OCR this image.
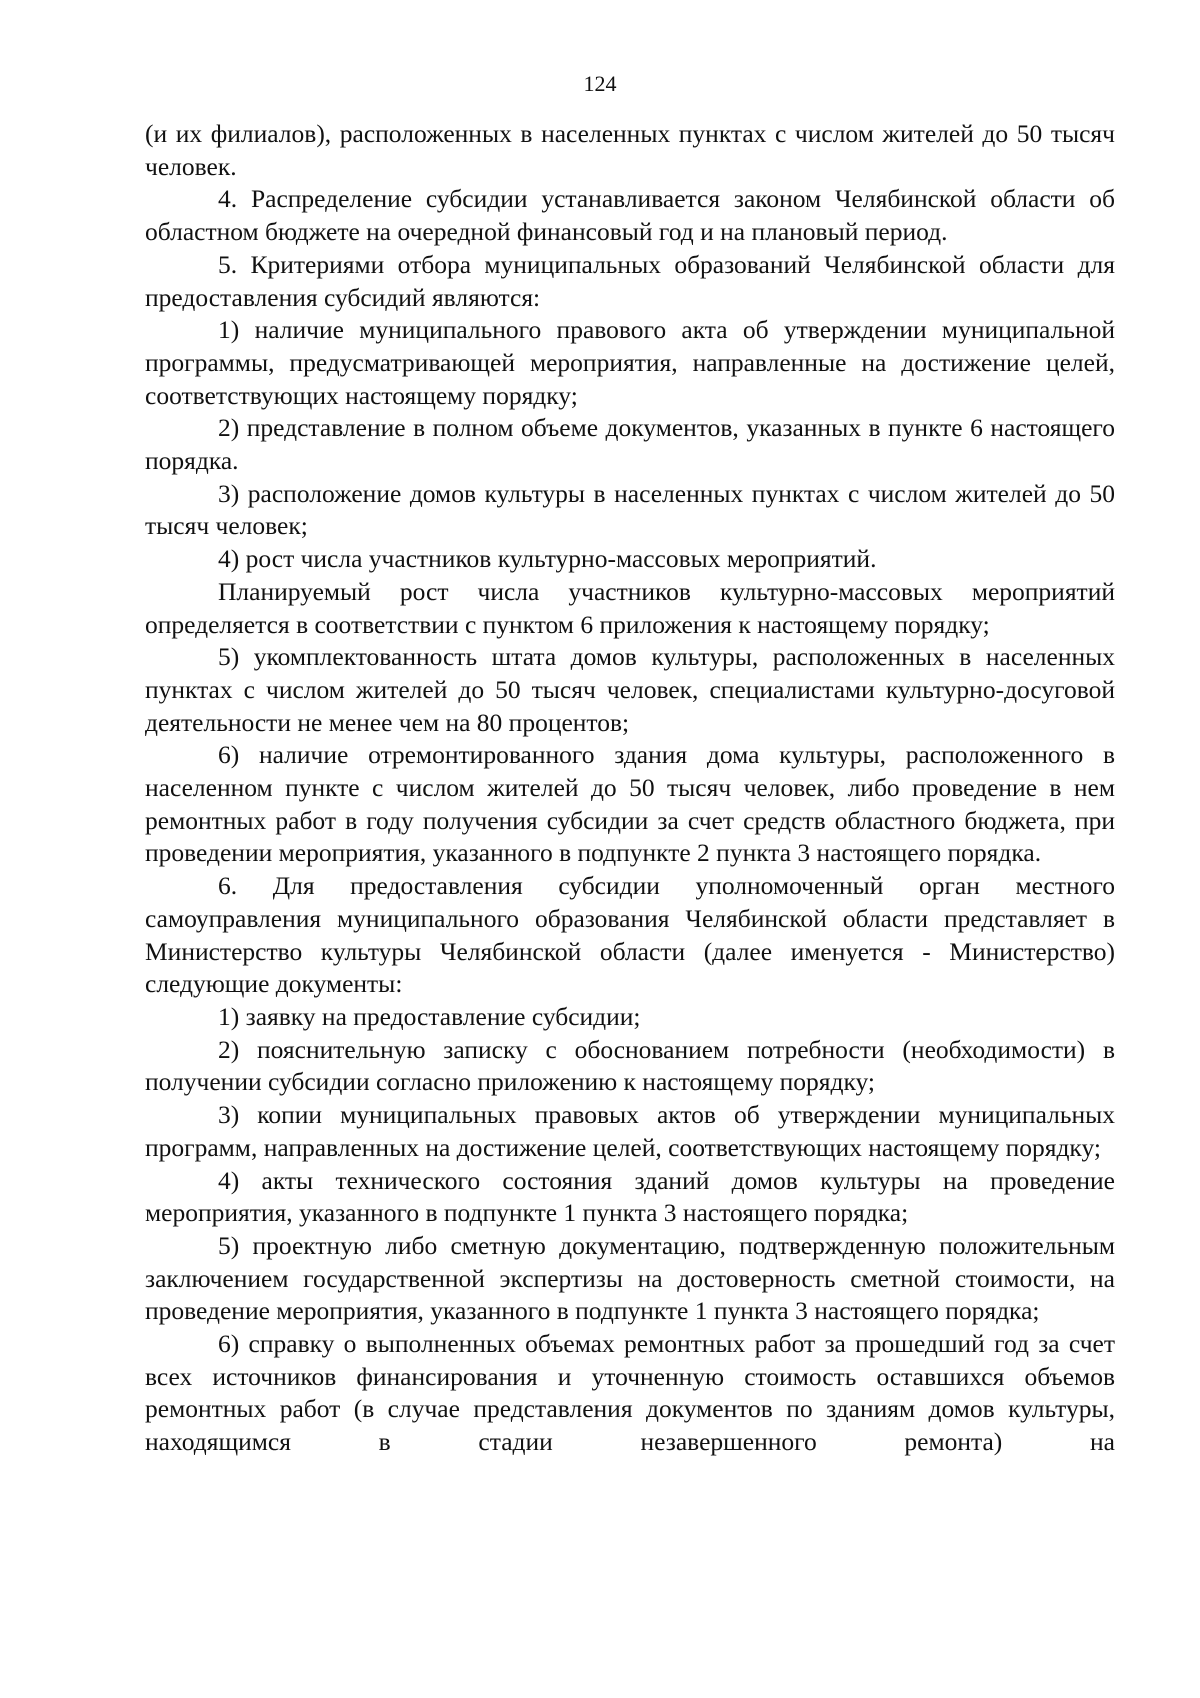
124

(и их филиалов), расположенных в населенных пунктах с числом жителей до 50 тысяч человек.

4. Распределение субсидии устанавливается законом Челябинской области об областном бюджете на очередной финансовый год и на плановый период.

5. Критериями отбора муниципальных образований Челябинской области для предоставления субсидий являются:

1) наличие муниципального правового акта об утверждении муниципальной программы, предусматривающей мероприятия, направленные на достижение целей, соответствующих настоящему порядку;

2) представление в полном объеме документов, указанных в пункте 6 настоящего порядка.

3) расположение домов культуры в населенных пунктах с числом жителей до 50 тысяч человек;

4) рост числа участников культурно-массовых мероприятий.

Планируемый рост числа участников культурно-массовых мероприятий определяется в соответствии с пунктом 6 приложения к настоящему порядку;

5) укомплектованность штата домов культуры, расположенных в населенных пунктах с числом жителей до 50 тысяч человек, специалистами культурно-досуговой деятельности не менее чем на 80 процентов;

6) наличие отремонтированного здания дома культуры, расположенного в населенном пункте с числом жителей до 50 тысяч человек, либо проведение в нем ремонтных работ в году получения субсидии за счет средств областного бюджета, при проведении мероприятия, указанного в подпункте 2 пункта 3 настоящего порядка.

6. Для предоставления субсидии уполномоченный орган местного самоуправления муниципального образования Челябинской области представляет в Министерство культуры Челябинской области (далее именуется - Министерство) следующие документы:

1) заявку на предоставление субсидии;

2) пояснительную записку с обоснованием потребности (необходимости) в получении субсидии согласно приложению к настоящему порядку;

3) копии муниципальных правовых актов об утверждении муниципальных программ, направленных на достижение целей, соответствующих настоящему порядку;

4) акты технического состояния зданий домов культуры на проведение мероприятия, указанного в подпункте 1 пункта 3 настоящего порядка;

5) проектную либо сметную документацию, подтвержденную положительным заключением государственной экспертизы на достоверность сметной стоимости, на проведение мероприятия, указанного в подпункте 1 пункта 3 настоящего порядка;

6) справку о выполненных объемах ремонтных работ за прошедший год за счет всех источников финансирования и уточненную стоимость оставшихся объемов ремонтных работ (в случае представления документов по зданиям домов культуры, находящимся в стадии незавершенного ремонта) на
